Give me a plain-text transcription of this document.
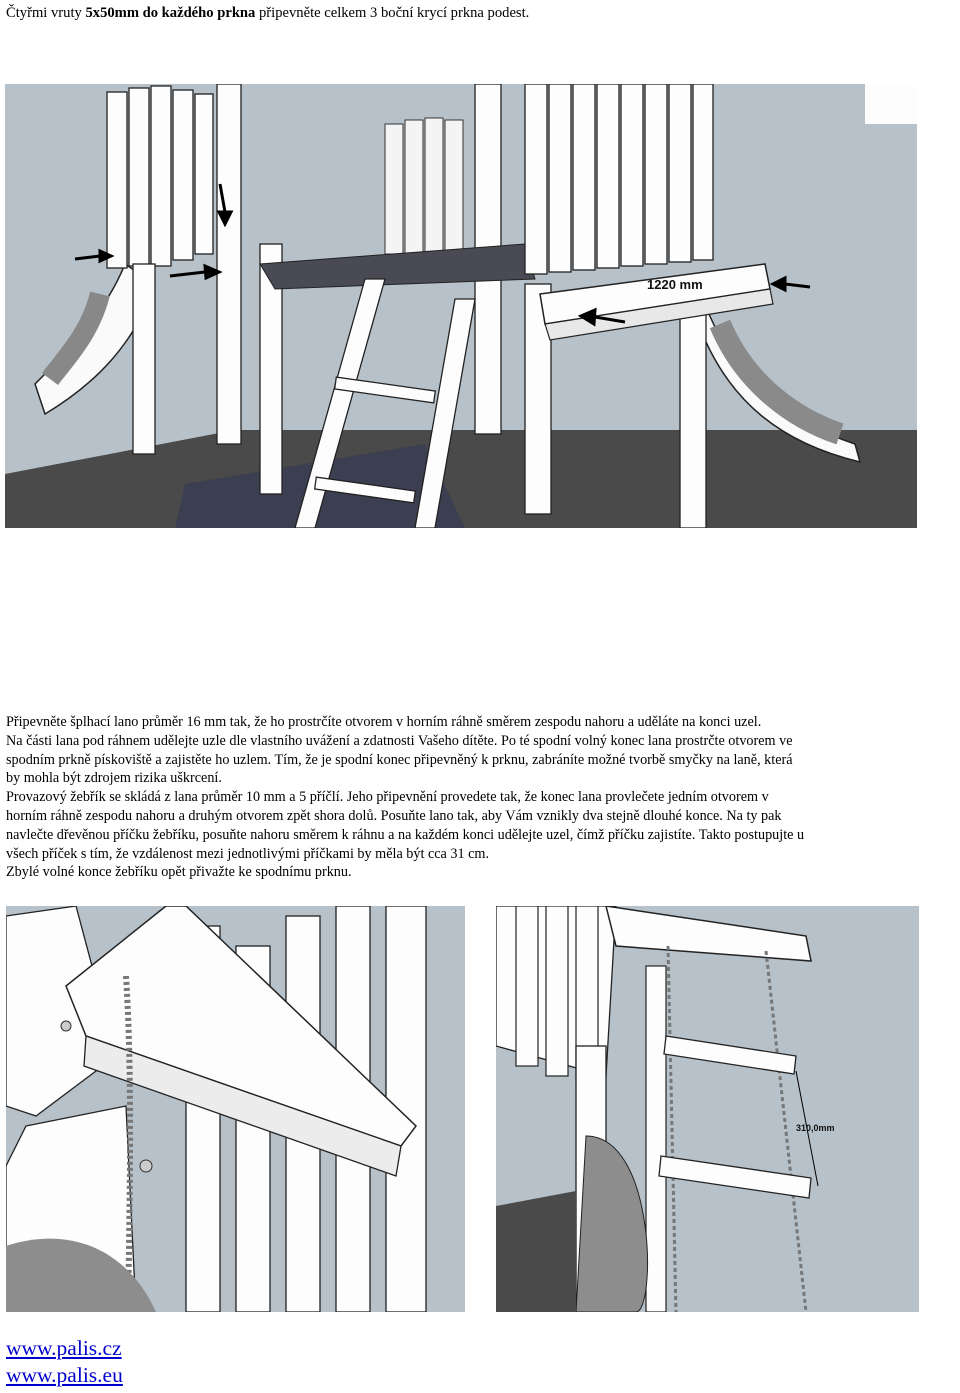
Čtyřmi vruty 5x50mm do každého prkna připevněte celkem 3 boční krycí prkna podest.
1220 mm
Připevněte šplhací lano průměr 16 mm tak, že ho prostrčíte otvorem v horním ráhně směrem zespodu nahoru a uděláte na konci uzel.
Na části lana pod ráhnem udělejte uzle dle vlastního uvážení a zdatnosti Vašeho dítěte. Po té spodní volný konec lana prostrčte otvorem ve
spodním prkně pískoviště a zajistěte ho uzlem. Tím, že je spodní konec připevněný k prknu, zabráníte možné tvorbě smyčky na laně, která
by mohla být zdrojem rizika uškrcení.
Provazový žebřík se skládá z lana průměr 10 mm a 5 příčlí. Jeho připevnění provedete tak, že konec lana provlečete jedním otvorem v
horním ráhně zespodu nahoru a druhým otvorem zpět shora dolů. Posuňte lano tak, aby Vám vznikly dva stejně dlouhé konce. Na ty pak
navlečte dřevěnou příčku žebříku, posuňte nahoru směrem k ráhnu a na každém konci udělejte uzel, čímž příčku zajistíte. Takto postupujte u
všech příček s tím, že vzdálenost mezi jednotlivými příčkami by měla být cca 31 cm.
Zbylé volné konce žebříku opět přivažte ke spodnímu prknu.
310,0mm
www.palis.cz
www.palis.eu
